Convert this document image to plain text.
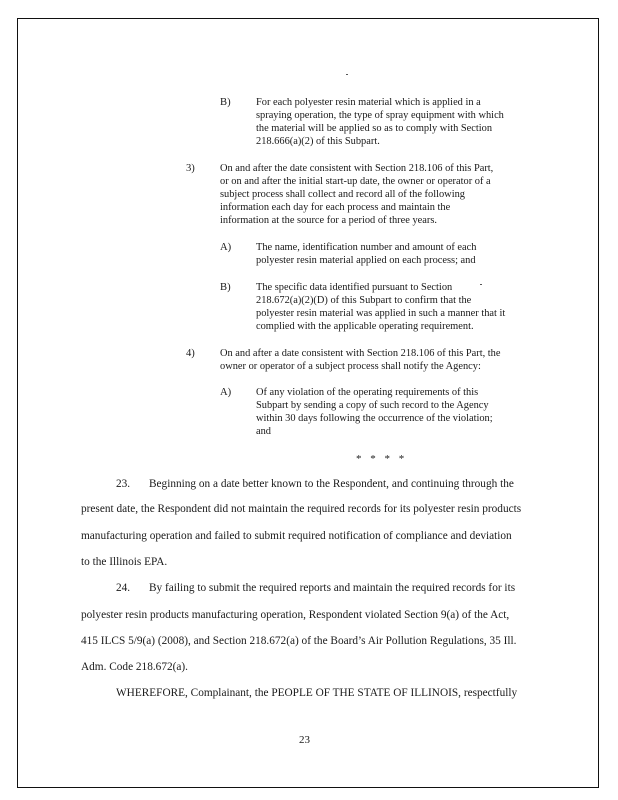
B) For each polyester resin material which is applied in a
spraying operation, the type of spray equipment with which
the material will be applied so as to comply with Section
218.666(a)(2) of this Subpart.
3) On and after the date consistent with Section 218.106 of this Part,
or on and after the initial start-up date, the owner or operator of a
subject process shall collect and record all of the following
information each day for each process and maintain the
information at the source for a period of three years.
A) The name, identification number and amount of each
polyester resin material applied on each process; and
B) The specific data identified pursuant to Section
218.672(a)(2)(D) of this Subpart to confirm that the
polyester resin material was applied in such a manner that it
complied with the applicable operating requirement.
4) On and after a date consistent with Section 218.106 of this Part, the
owner or operator of a subject process shall notify the Agency:
A) Of any violation of the operating requirements of this
Subpart by sending a copy of such record to the Agency
within 30 days following the occurrence of the violation;
and
* * * *
23. Beginning on a date better known to the Respondent, and continuing through the
present date, the Respondent did not maintain the required records for its polyester resin products
manufacturing operation and failed to submit required notification of compliance and deviation
to the Illinois EPA.
24. By failing to submit the required reports and maintain the required records for its
polyester resin products manufacturing operation, Respondent violated Section 9(a) of the Act,
415 ILCS 5/9(a) (2008), and Section 218.672(a) of the Board’s Air Pollution Regulations, 35 Ill.
Adm. Code 218.672(a).
WHEREFORE, Complainant, the PEOPLE OF THE STATE OF ILLINOIS, respectfully
23
